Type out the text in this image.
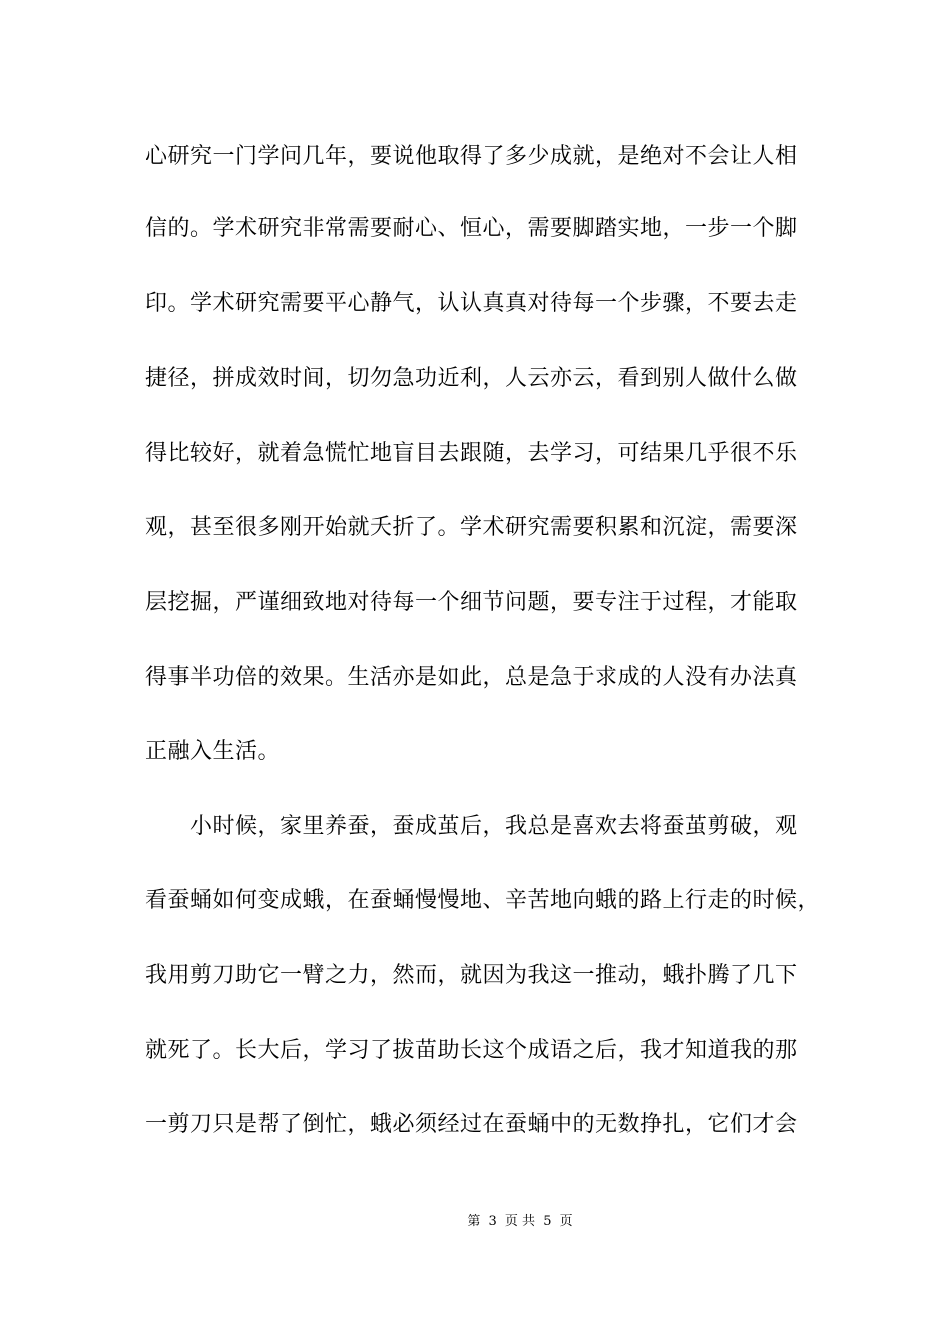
心研究一门学问几年，要说他取得了多少成就，是绝对不会让人相
信的。学术研究非常需要耐心、恒心，需要脚踏实地，一步一个脚
印。学术研究需要平心静气，认认真真对待每一个步骤，不要去走
捷径，拼成效时间，切勿急功近利，人云亦云，看到别人做什么做
得比较好，就着急慌忙地盲目去跟随，去学习，可结果几乎很不乐
观，甚至很多刚开始就夭折了。学术研究需要积累和沉淀，需要深
层挖掘，严谨细致地对待每一个细节问题，要专注于过程，才能取
得事半功倍的效果。生活亦是如此，总是急于求成的人没有办法真
正融入生活。
小时候，家里养蚕，蚕成茧后，我总是喜欢去将蚕茧剪破，观
看蚕蛹如何变成蛾，在蚕蛹慢慢地、辛苦地向蛾的路上行走的时候，
我用剪刀助它一臂之力，然而，就因为我这一推动，蛾扑腾了几下
就死了。长大后，学习了拔苗助长这个成语之后，我才知道我的那
一剪刀只是帮了倒忙，蛾必须经过在蚕蛹中的无数挣扎，它们才会
第 3 页 共 5 页
